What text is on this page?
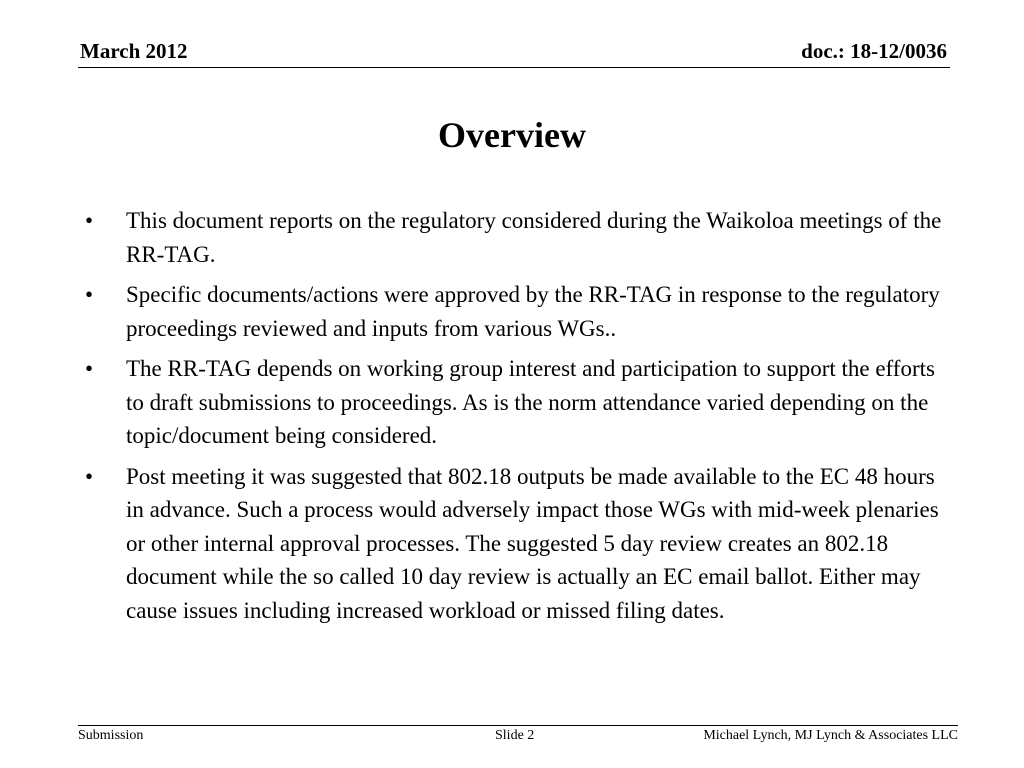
March 2012	doc.: 18-12/0036
Overview
• This document reports on the regulatory considered during the Waikoloa meetings of the RR-TAG.
• Specific documents/actions were approved by the RR-TAG in response to the regulatory proceedings reviewed and inputs from various WGs..
• The RR-TAG depends on working group interest and participation to support the efforts to draft submissions to proceedings. As is the norm attendance varied depending on the topic/document being considered.
• Post meeting it was suggested that 802.18 outputs be made available to the EC 48 hours in advance. Such a process would adversely impact those WGs with mid-week plenaries or other internal approval processes. The suggested 5 day review creates an 802.18 document while the so called 10 day review is actually an EC email ballot. Either may cause issues including increased workload or missed filing dates.
Submission	Slide 2	Michael Lynch, MJ Lynch & Associates LLC
